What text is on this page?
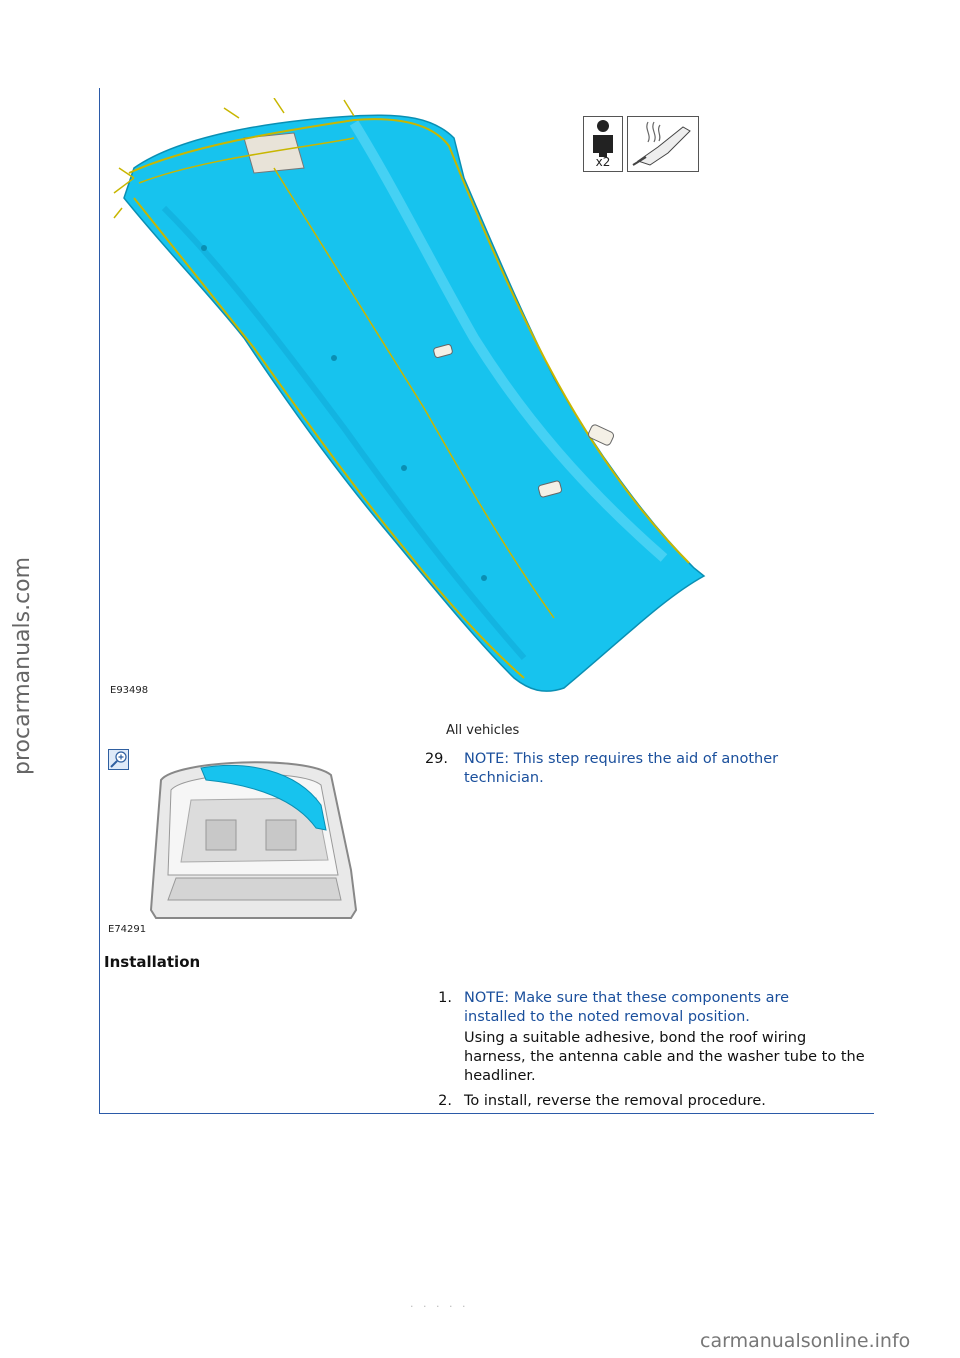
procarmanuals.com	E93498
x2
All vehicles
E74291
29. NOTE: This step requires the aid of another technician.
Installation
1. NOTE: Make sure that these components are installed to the noted removal position.
Using a suitable adhesive, bond the roof wiring harness, the antenna cable and the washer tube to the headliner.
2. To install, reverse the removal procedure.
· · · · ·
carmanualsonline.info
